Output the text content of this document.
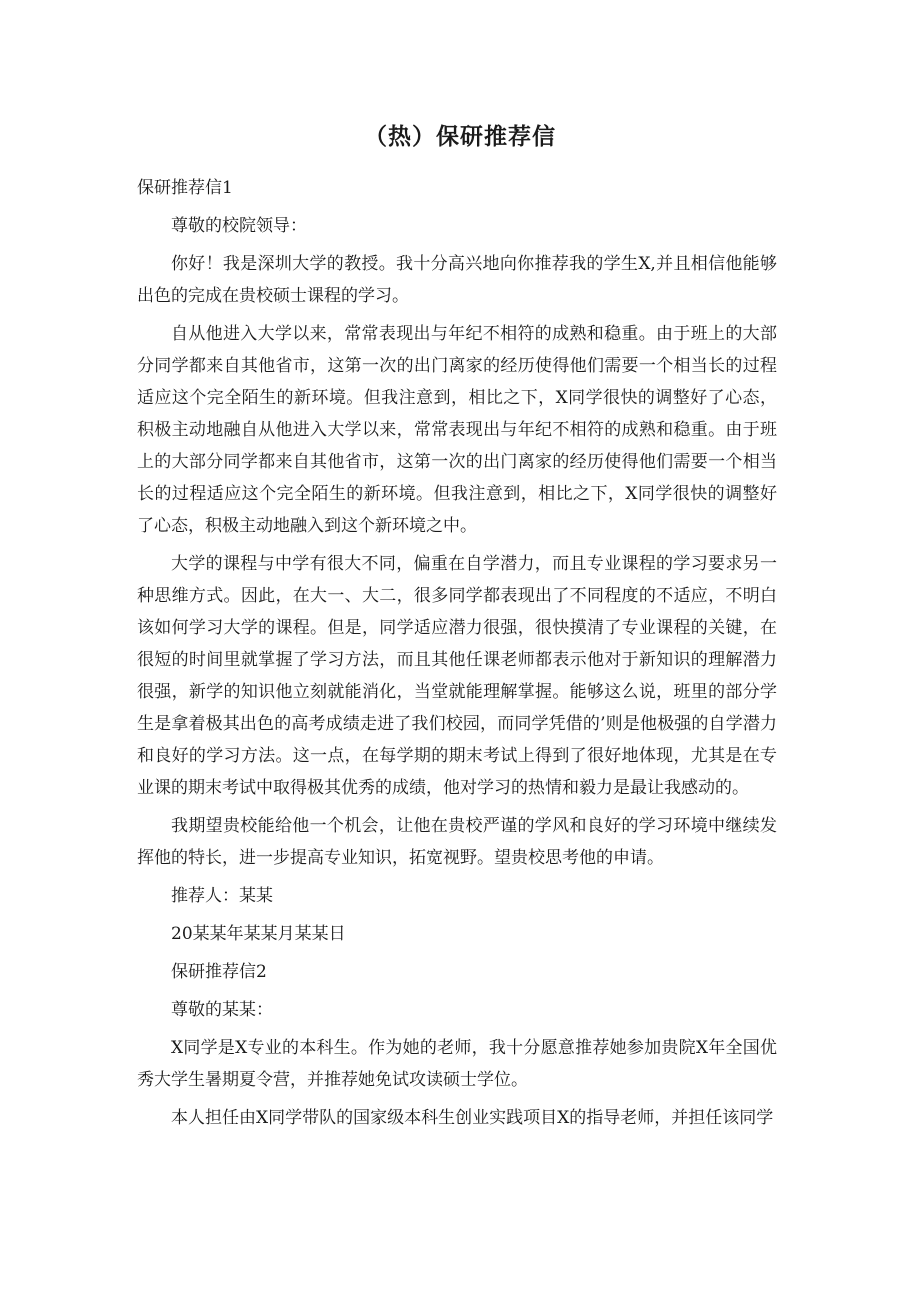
（热）保研推荐信

保研推荐信1

尊敬的校院领导：

你好！我是深圳大学的教授。我十分高兴地向你推荐我的学生X,并且相信他能够出色的完成在贵校硕士课程的学习。

自从他进入大学以来，常常表现出与年纪不相符的成熟和稳重。由于班上的大部分同学都来自其他省市，这第一次的出门离家的经历使得他们需要一个相当长的过程适应这个完全陌生的新环境。但我注意到，相比之下，X同学很快的调整好了心态，积极主动地融自从他进入大学以来，常常表现出与年纪不相符的成熟和稳重。由于班上的大部分同学都来自其他省市，这第一次的出门离家的经历使得他们需要一个相当长的过程适应这个完全陌生的新环境。但我注意到，相比之下，X同学很快的调整好了心态，积极主动地融入到这个新环境之中。

大学的课程与中学有很大不同，偏重在自学潜力，而且专业课程的学习要求另一种思维方式。因此，在大一、大二，很多同学都表现出了不同程度的不适应，不明白该如何学习大学的课程。但是，同学适应潜力很强，很快摸清了专业课程的关键，在很短的时间里就掌握了学习方法，而且其他任课老师都表示他对于新知识的理解潜力很强，新学的知识他立刻就能消化，当堂就能理解掌握。能够这么说，班里的部分学生是拿着极其出色的高考成绩走进了我们校园，而同学凭借的’则是他极强的自学潜力和良好的学习方法。这一点，在每学期的期末考试上得到了很好地体现，尤其是在专业课的期末考试中取得极其优秀的成绩，他对学习的热情和毅力是最让我感动的。

我期望贵校能给他一个机会，让他在贵校严谨的学风和良好的学习环境中继续发挥他的特长，进一步提高专业知识，拓宽视野。望贵校思考他的申请。

推荐人：某某

20某某年某某月某某日

保研推荐信2

尊敬的某某：

X同学是X专业的本科生。作为她的老师，我十分愿意推荐她参加贵院X年全国优秀大学生暑期夏令营，并推荐她免试攻读硕士学位。

本人担任由X同学带队的国家级本科生创业实践项目X的指导老师，并担任该同学
